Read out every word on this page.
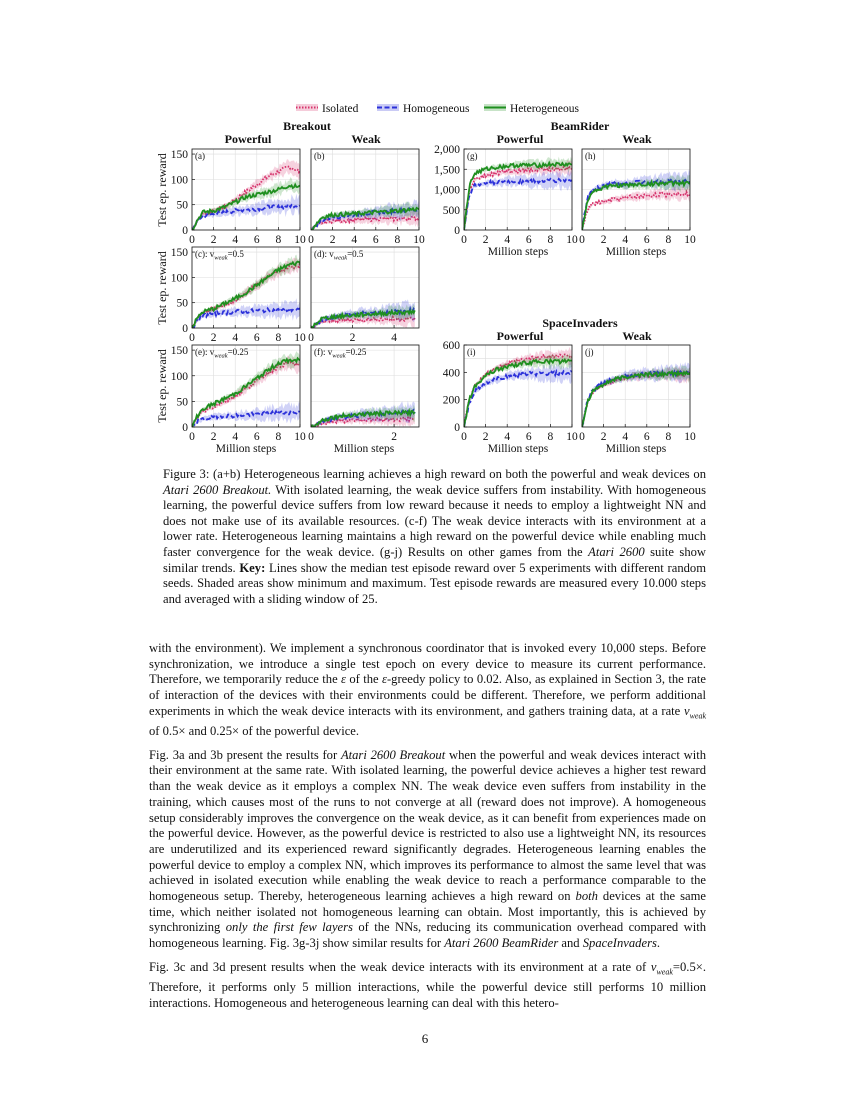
Isolated	Homogeneous	Heterogeneous
Breakout
Powerful	Weak
BeamRider
Powerful	Weak
SpaceInvaders
Powerful	Weak
Test ep. reward
Test ep. reward
Test ep. reward
Million steps	Million steps
Million steps	Million steps
Million steps	Million steps
0 2 4 6 8 10
0
50
100
150 (a)
0 2 4 6 8 10
(b)
0 2 4 6 8 10
0
50
100
150 (c): $v_{weak}=0.5$
0	2	4
(d): $v_{weak}=0.5$
0 2 4 6 8 10
0
50
100
150 (e): $v_{weak}=0.25$
0	2
(f): $v_{weak}=0.25$
0 2 4 6 8 10
0
500
1,000
1,500
2,000 (g)
0 2 4 6 8 10
(h)
0 2 4 6 8 10
0
200
400
600 (i)
0 2 4 6 8 10
(j)

Figure 3: (a+b) Heterogeneous learning achieves a high reward on both the powerful and weak devices on Atari 2600 Breakout. With isolated learning, the weak device suffers from instability. With homogeneous learning, the powerful device suffers from low reward because it needs to employ a lightweight NN and does not make use of its available resources. (c-f) The weak device interacts with its environment at a lower rate. Heterogeneous learning maintains a high reward on the powerful device while enabling much faster convergence for the weak device. (g-j) Results on other games from the Atari 2600 suite show similar trends. Key: Lines show the median test episode reward over 5 experiments with different random seeds. Shaded areas show minimum and maximum. Test episode rewards are measured every 10.000 steps and averaged with a sliding window of 25.

with the environment). We implement a synchronous coordinator that is invoked every 10,000 steps. Before synchronization, we introduce a single test epoch on every device to measure its current performance. Therefore, we temporarily reduce the ε of the ε-greedy policy to 0.02. Also, as explained in Section 3, the rate of interaction of the devices with their environments could be different. Therefore, we perform additional experiments in which the weak device interacts with its environment, and gathers training data, at a rate $v_{weak}$ of 0.5× and 0.25× of the powerful device.

Fig. 3a and 3b present the results for Atari 2600 Breakout when the powerful and weak devices interact with their environment at the same rate. With isolated learning, the powerful device achieves a higher test reward than the weak device as it employs a complex NN. The weak device even suffers from instability in the training, which causes most of the runs to not converge at all (reward does not improve). A homogeneous setup considerably improves the convergence on the weak device, as it can benefit from experiences made on the powerful device. However, as the powerful device is restricted to also use a lightweight NN, its resources are underutilized and its experienced reward significantly degrades. Heterogeneous learning enables the powerful device to employ a complex NN, which improves its performance to almost the same level that was achieved in isolated execution while enabling the weak device to reach a performance comparable to the homogeneous setup. Thereby, heterogeneous learning achieves a high reward on both devices at the same time, which neither isolated not homogeneous learning can obtain. Most importantly, this is achieved by synchronizing only the first few layers of the NNs, reducing its communication overhead compared with homogeneous learning. Fig. 3g-3j show similar results for Atari 2600 BeamRider and SpaceInvaders.

Fig. 3c and 3d present results when the weak device interacts with its environment at a rate of $v_{weak}=0.5\times$. Therefore, it performs only 5 million interactions, while the powerful device still performs 10 million interactions. Homogeneous and heterogeneous learning can deal with this hetero-

6
